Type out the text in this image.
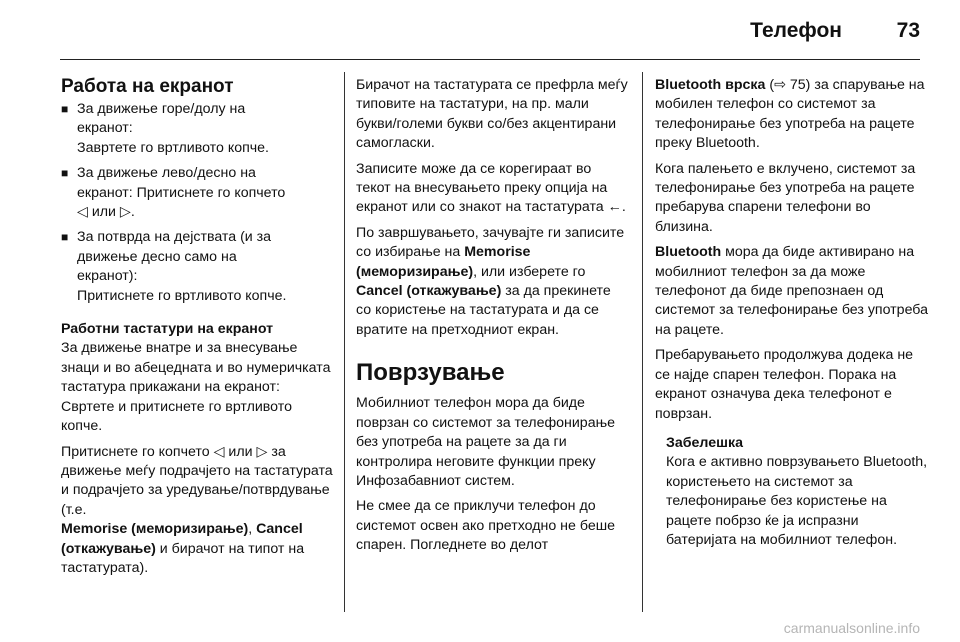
Телефон	73
Работа на екранот
■ За движење горе/долу на
екранот:
Завртете го вртливото копче.
■ За движење лево/десно на
екранот: Притиснете го копчето
◁ или ▷.
■ За потврда на дејствата (и за
движење десно само на
екранот):
Притиснете го вртливото копче.

Работни тастатури на екранот

За движење внатре и за внесување знаци и во абецедната и во нумеричката тастатура прикажани на екранот: Свртете и притиснете го вртливото копче.

Притиснете го копчето ◁ или ▷ за движење меѓу подрачјето на тастатурата и подрачјето за уредување/потврдување (т.е.
Memorise (меморизирање), Cancel (откажување) и бирачот на типот на тастатурата).

Бирачот на тастатурата се префрла меѓу типовите на тастатури, на пр. мали букви/големи букви со/без акцентирани самогласки.

Записите може да се корегираат во текот на внесувањето преку опција на екранот или со знакот на тастатурата ←.

По завршувањето, зачувајте ги записите со избирање на Memorise (меморизирање), или изберете го Cancel (откажување) за да прекинете со користење на тастатурата и да се вратите на претходниот екран.

Поврзување

Мобилниот телефон мора да биде поврзан со системот за телефонирање без употреба на рацете за да ги контролира неговите функции преку Инфозабавниот систем.

Не смее да се приклучи телефон до системот освен ако претходно не беше спарен. Погледнете во делот

Bluetooth врска (⇨ 75) за спарување на мобилен телефон со системот за телефонирање без употреба на рацете преку Bluetooth.

Кога палењето е вклучено, системот за телефонирање без употреба на рацете пребарува спарени телефони во близина.

Bluetooth мора да биде активирано на мобилниот телефон за да може телефонот да биде препознаен од системот за телефонирање без употреба на рацете.

Пребарувањето продолжува додека не се најде спарен телефон. Порака на екранот означува дека телефонот е поврзан.

Забелешка

Кога е активно поврзувањето Bluetooth, користењето на системот за телефонирање без користење на рацете побрзо ќе ја испразни батеријата на мобилниот телефон.

carmanualsonline.info
